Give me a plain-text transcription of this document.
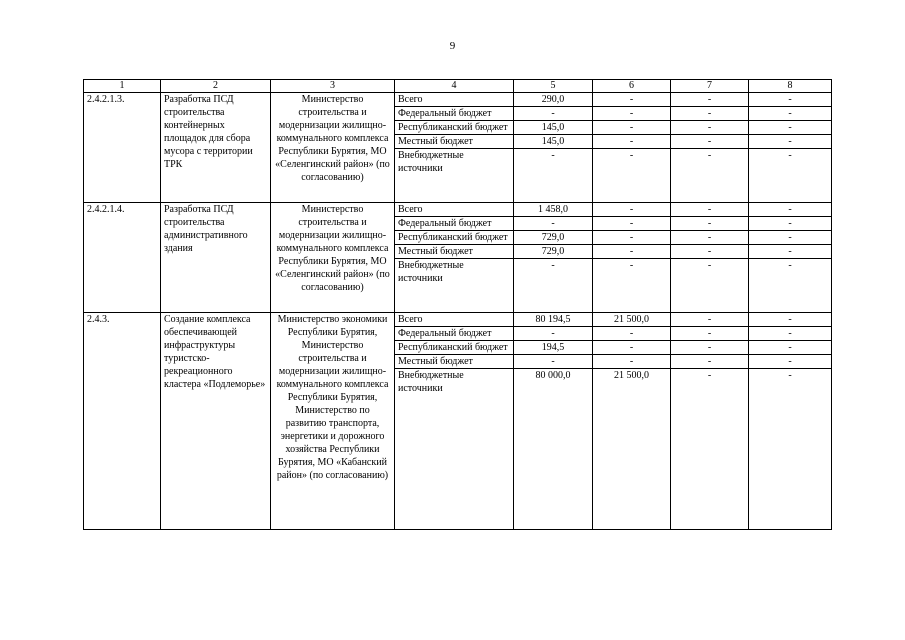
9
1	2	3	4	5	6	7	8
2.4.2.1.3.	Разработка ПСД строительства контейнерных площадок для сбора мусора с территории ТРК	Министерство строительства и модернизации жилищно-коммунального комплекса Республики Бурятия, МО «Селенгинский район» (по согласованию)	Всего	290,0	-	-	-
			Федеральный бюджет	-	-	-	-
			Республиканский бюджет	145,0	-	-	-
			Местный бюджет	145,0	-	-	-
			Внебюджетные источники	-	-	-	-
2.4.2.1.4.	Разработка ПСД строительства административного здания	Министерство строительства и модернизации жилищно-коммунального комплекса Республики Бурятия, МО «Селенгинский район» (по согласованию)	Всего	1 458,0	-	-	-
			Федеральный бюджет	-	-	-	-
			Республиканский бюджет	729,0	-	-	-
			Местный бюджет	729,0	-	-	-
			Внебюджетные источники	-	-	-	-
2.4.3.	Создание комплекса обеспечивающей инфраструктуры туристско-рекреационного кластера «Подлеморье»	Министерство экономики Республики Бурятия, Министерство строительства и модернизации жилищно-коммунального комплекса Республики Бурятия, Министерство по развитию транспорта, энергетики и дорожного хозяйства Республики Бурятия, МО «Кабанский район» (по согласованию)	Всего	80 194,5	21 500,0	-	-
			Федеральный бюджет	-	-	-	-
			Республиканский бюджет	194,5	-	-	-
			Местный бюджет	-	-	-	-
			Внебюджетные источники	80 000,0	21 500,0	-	-
